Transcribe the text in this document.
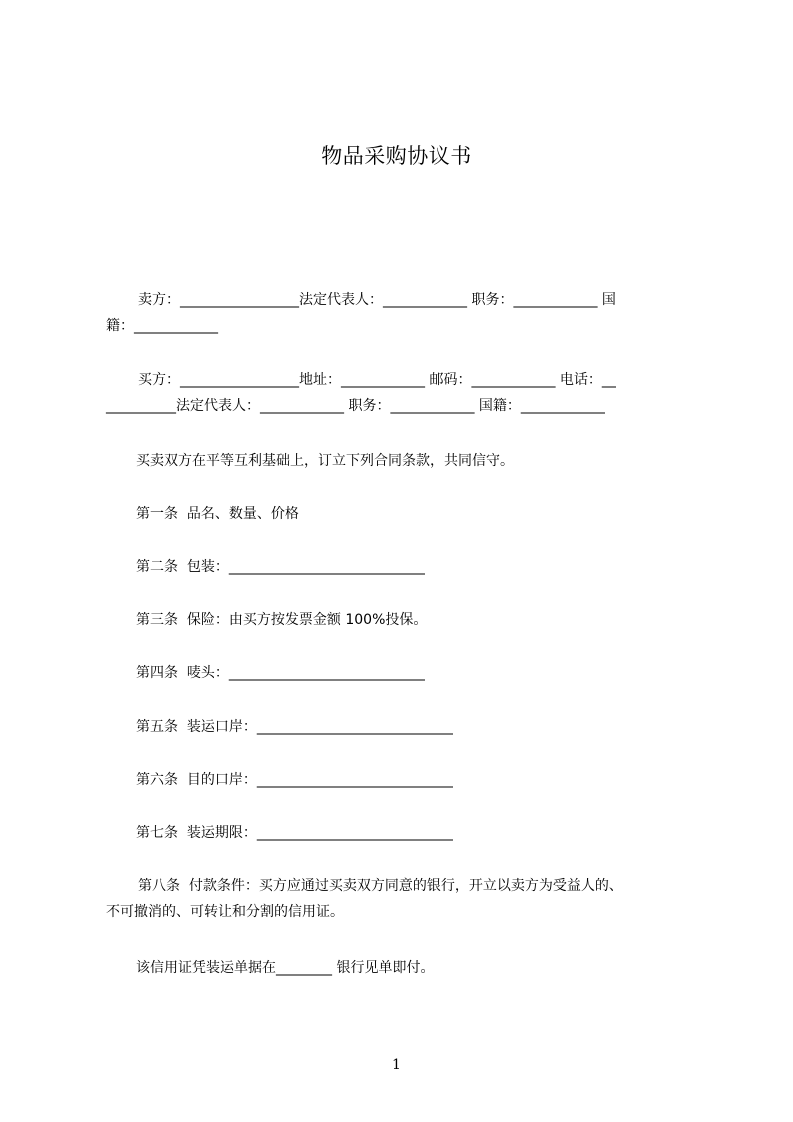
物品采购协议书
卖方：_________________法定代表人：____________ 职务：____________ 国
籍：____________
买方：_________________地址：____________ 邮码：____________ 电话：__
__________法定代表人：____________ 职务：____________ 国籍：____________
买卖双方在平等互利基础上，订立下列合同条款，共同信守。
第一条  品名、数量、价格
第二条  包装：____________________________
第三条  保险：由买方按发票金额 100%投保。
第四条  唛头：____________________________
第五条  装运口岸：____________________________
第六条  目的口岸：____________________________
第七条  装运期限：____________________________
第八条  付款条件：买方应通过买卖双方同意的银行，开立以卖方为受益人的、
不可撤消的、可转让和分割的信用证。
该信用证凭装运单据在________ 银行见单即付。
1
